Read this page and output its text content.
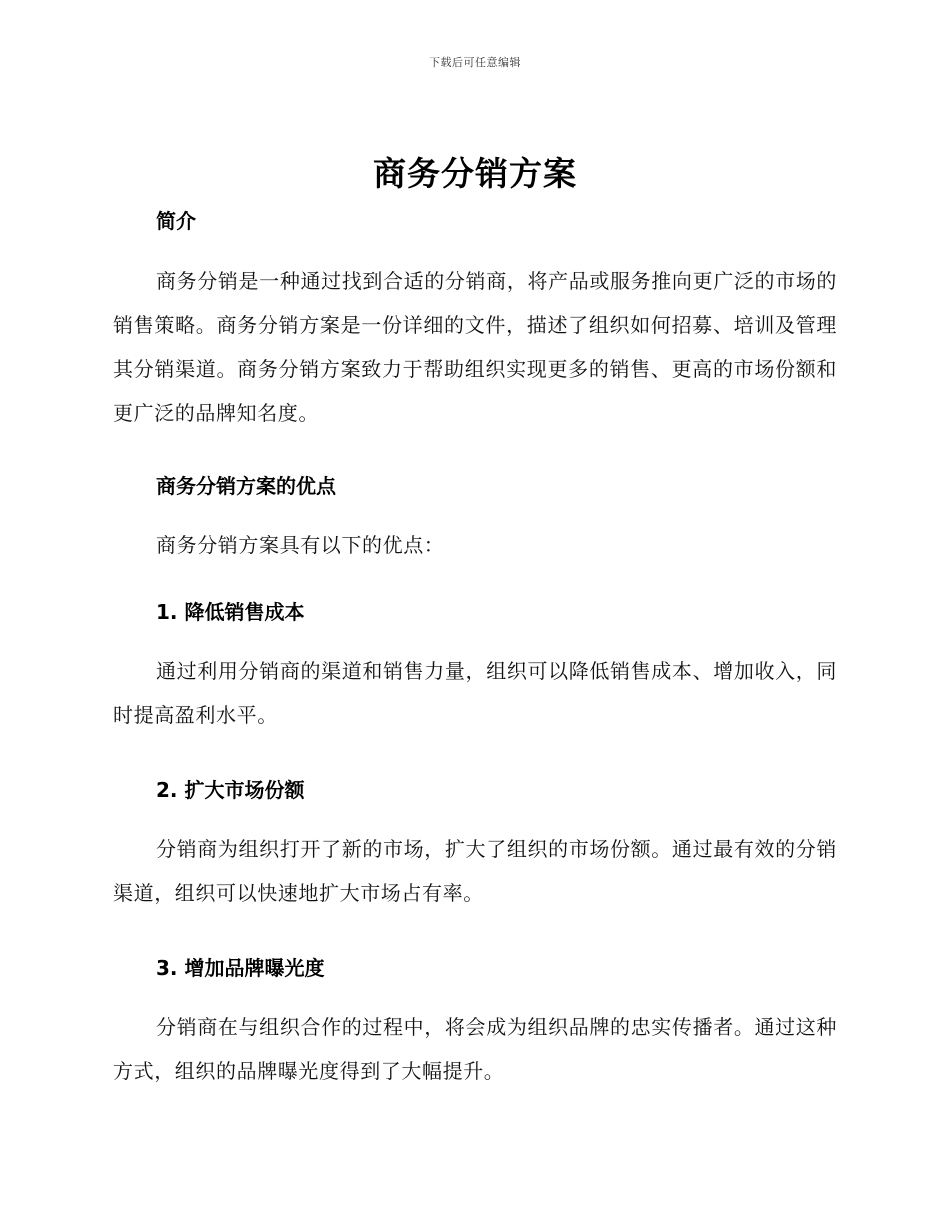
下载后可任意编辑
商务分销方案

简介

商务分销是一种通过找到合适的分销商，将产品或服务推向更广泛的市场的销售策略。商务分销方案是一份详细的文件，描述了组织如何招募、培训及管理其分销渠道。商务分销方案致力于帮助组织实现更多的销售、更高的市场份额和更广泛的品牌知名度。

商务分销方案的优点

商务分销方案具有以下的优点：

1. 降低销售成本

通过利用分销商的渠道和销售力量，组织可以降低销售成本、增加收入，同时提高盈利水平。

2. 扩大市场份额

分销商为组织打开了新的市场，扩大了组织的市场份额。通过最有效的分销渠道，组织可以快速地扩大市场占有率。

3. 增加品牌曝光度

分销商在与组织合作的过程中，将会成为组织品牌的忠实传播者。通过这种方式，组织的品牌曝光度得到了大幅提升。
